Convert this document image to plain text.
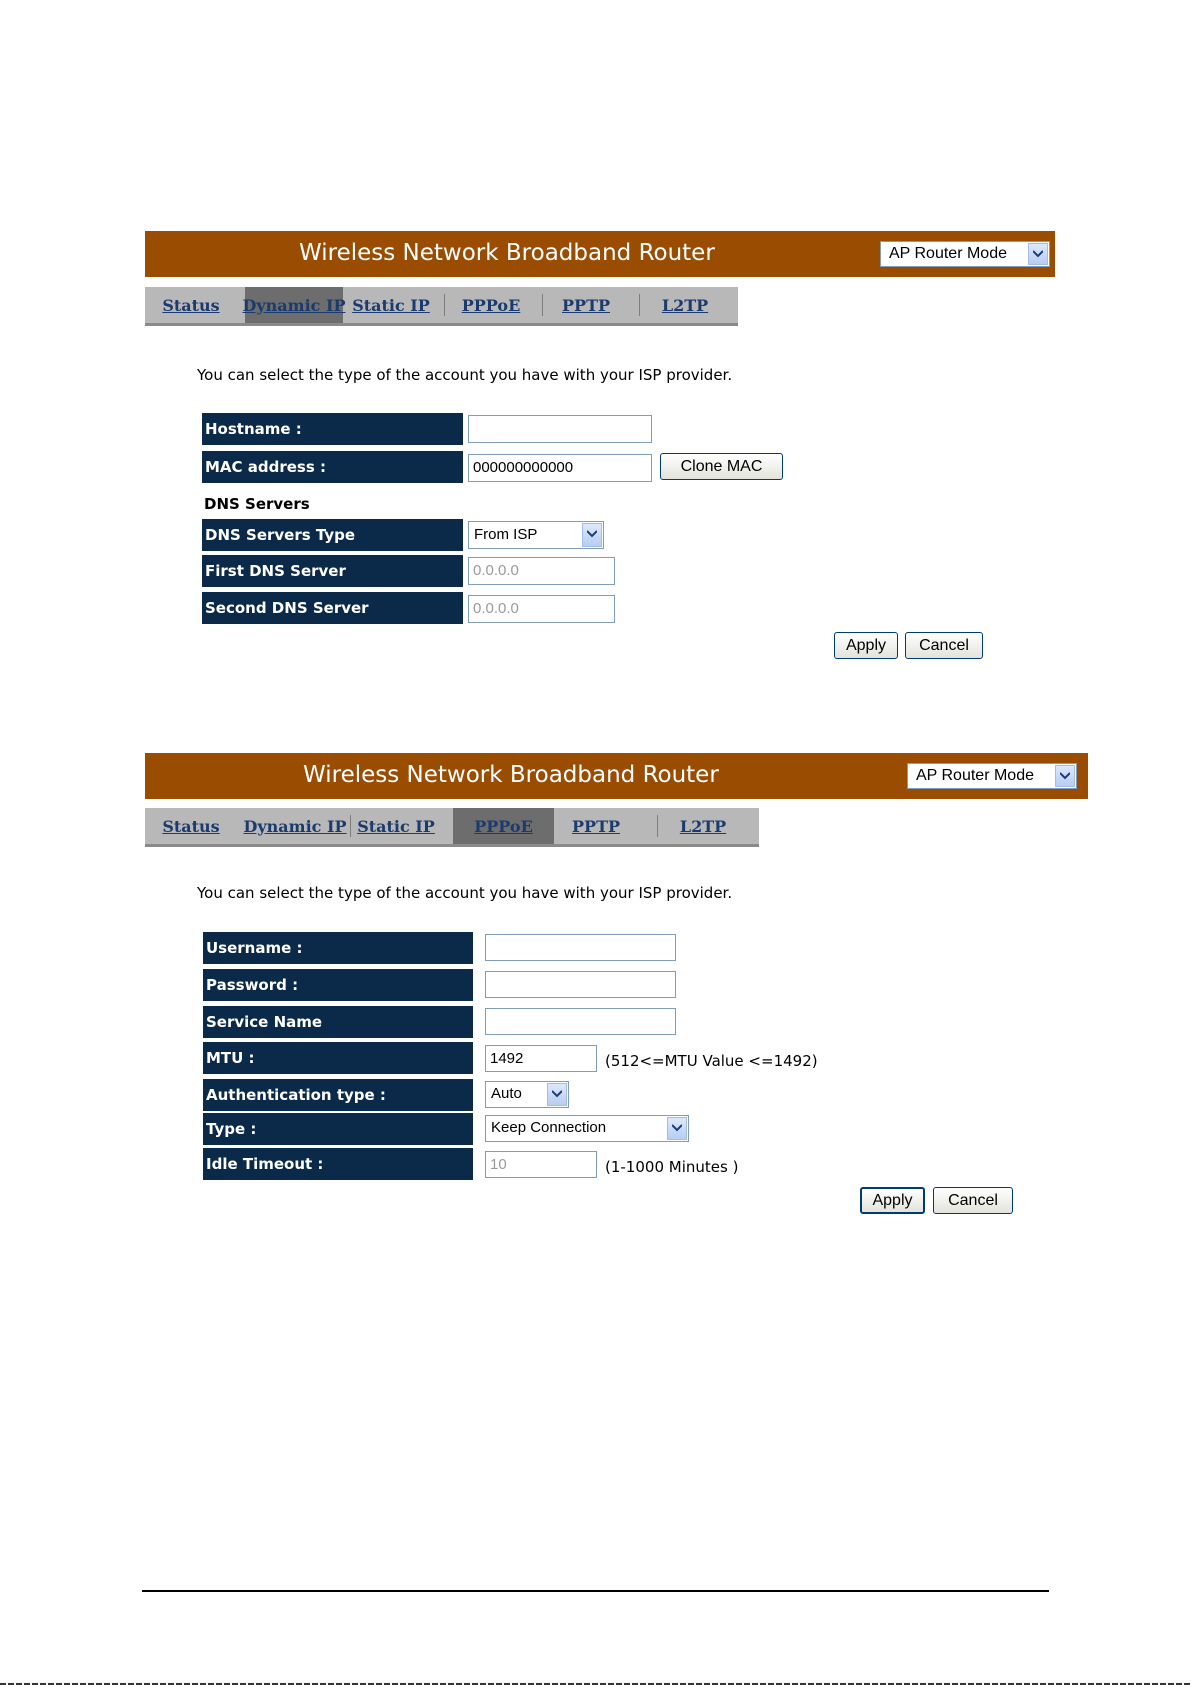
Wireless Network Broadband Router	AP Router Mode
Status	Dynamic IP Static IP PPPoE	PPTP	L2TP
You can select the type of the account you have with your ISP provider.
Hostname :
MAC address :	000000000000	Clone MAC
DNS Servers
DNS Servers Type	From ISP
First DNS Server	0.0.0.0
Second DNS Server	0.0.0.0
Apply	Cancel
Wireless Network Broadband Router	AP Router Mode
Status	Dynamic IP Static IP	PPPoE	PPTP	L2TP
You can select the type of the account you have with your ISP provider.
Username :
Password :
Service Name
MTU :	1492	(512<=MTU Value <=1492)
Authentication type :	Auto
Type :	Keep Connection
Idle Timeout :	10	(1-1000 Minutes )
Apply	Cancel
